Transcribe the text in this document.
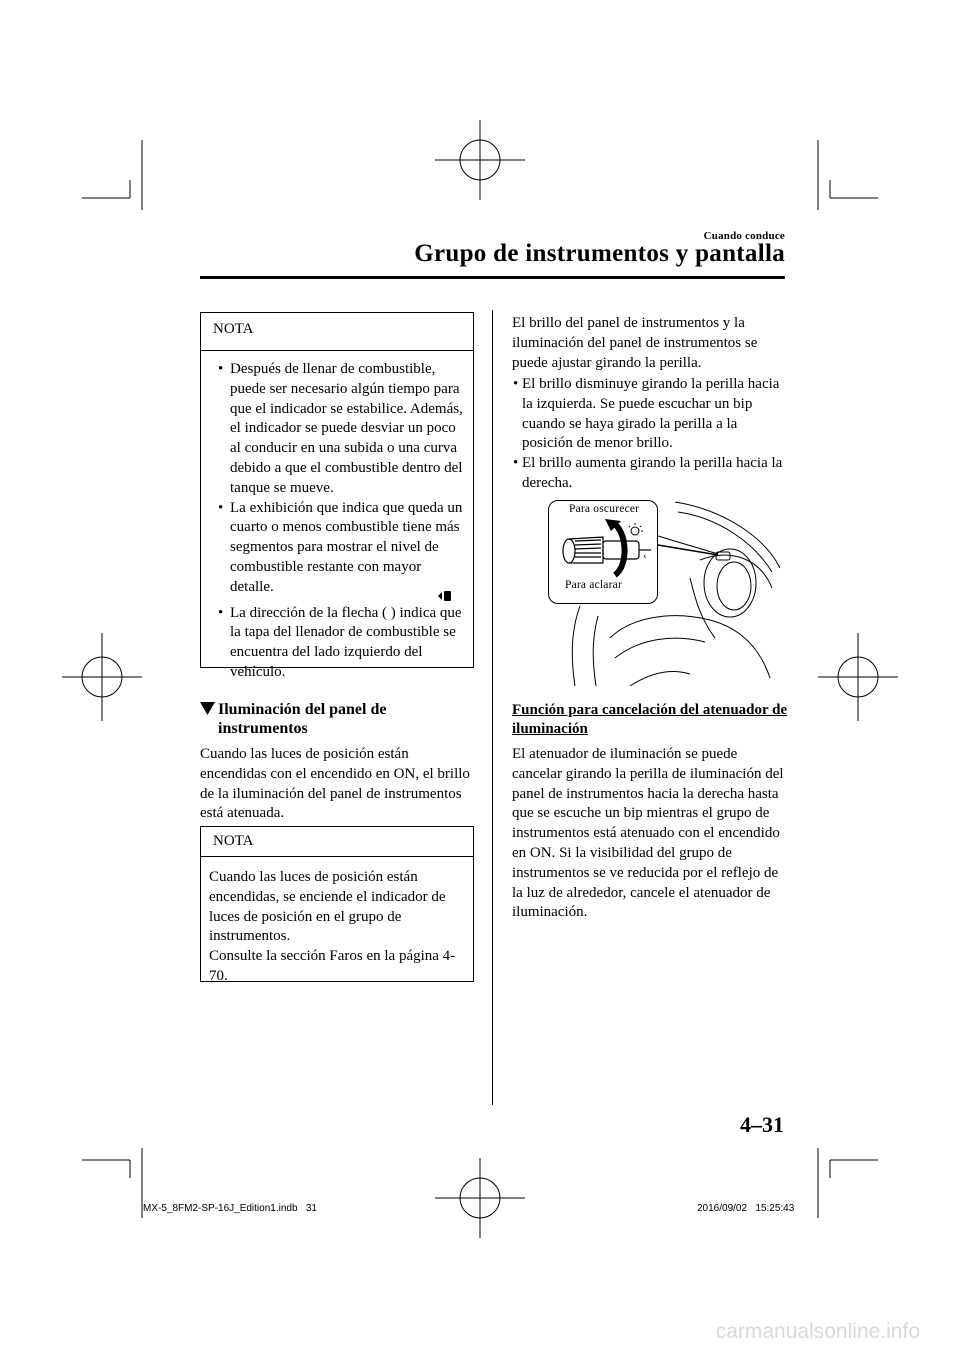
Cuando conduce
Grupo de instrumentos y pantalla
NOTA
• Después de llenar de combustible, puede ser necesario algún tiempo para que el indicador se estabilice. Además, el indicador se puede desviar un poco al conducir en una subida o una curva debido a que el combustible dentro del tanque se mueve.
• La exhibición que indica que queda un cuarto o menos combustible tiene más segmentos para mostrar el nivel de combustible restante con mayor detalle.
• La dirección de la flecha ( ) indica que la tapa del llenador de combustible se encuentra del lado izquierdo del vehículo.
Iluminación del panel de instrumentos

Cuando las luces de posición están encendidas con el encendido en ON, el brillo de la iluminación del panel de instrumentos está atenuada.

NOTA

Cuando las luces de posición están encendidas, se enciende el indicador de luces de posición en el grupo de instrumentos.

Consulte la sección Faros en la página 4-70.

El brillo del panel de instrumentos y la iluminación del panel de instrumentos se puede ajustar girando la perilla.

• El brillo disminuye girando la perilla hacia la izquierda. Se puede escuchar un bip cuando se haya girado la perilla a la posición de menor brillo.
• El brillo aumenta girando la perilla hacia la derecha.
Para oscurecer
Para aclarar
‹
Función para cancelación del atenuador de iluminación

El atenuador de iluminación se puede cancelar girando la perilla de iluminación del panel de instrumentos hacia la derecha hasta que se escuche un bip mientras el grupo de instrumentos está atenuado con el encendido en ON. Si la visibilidad del grupo de instrumentos se ve reducida por el reflejo de la luz de alrededor, cancele el atenuador de iluminación.

4–31
MX-5_8FM2-SP-16J_Edition1.indb   31	2016/09/02   15:25:43
carmanualsonline.info
